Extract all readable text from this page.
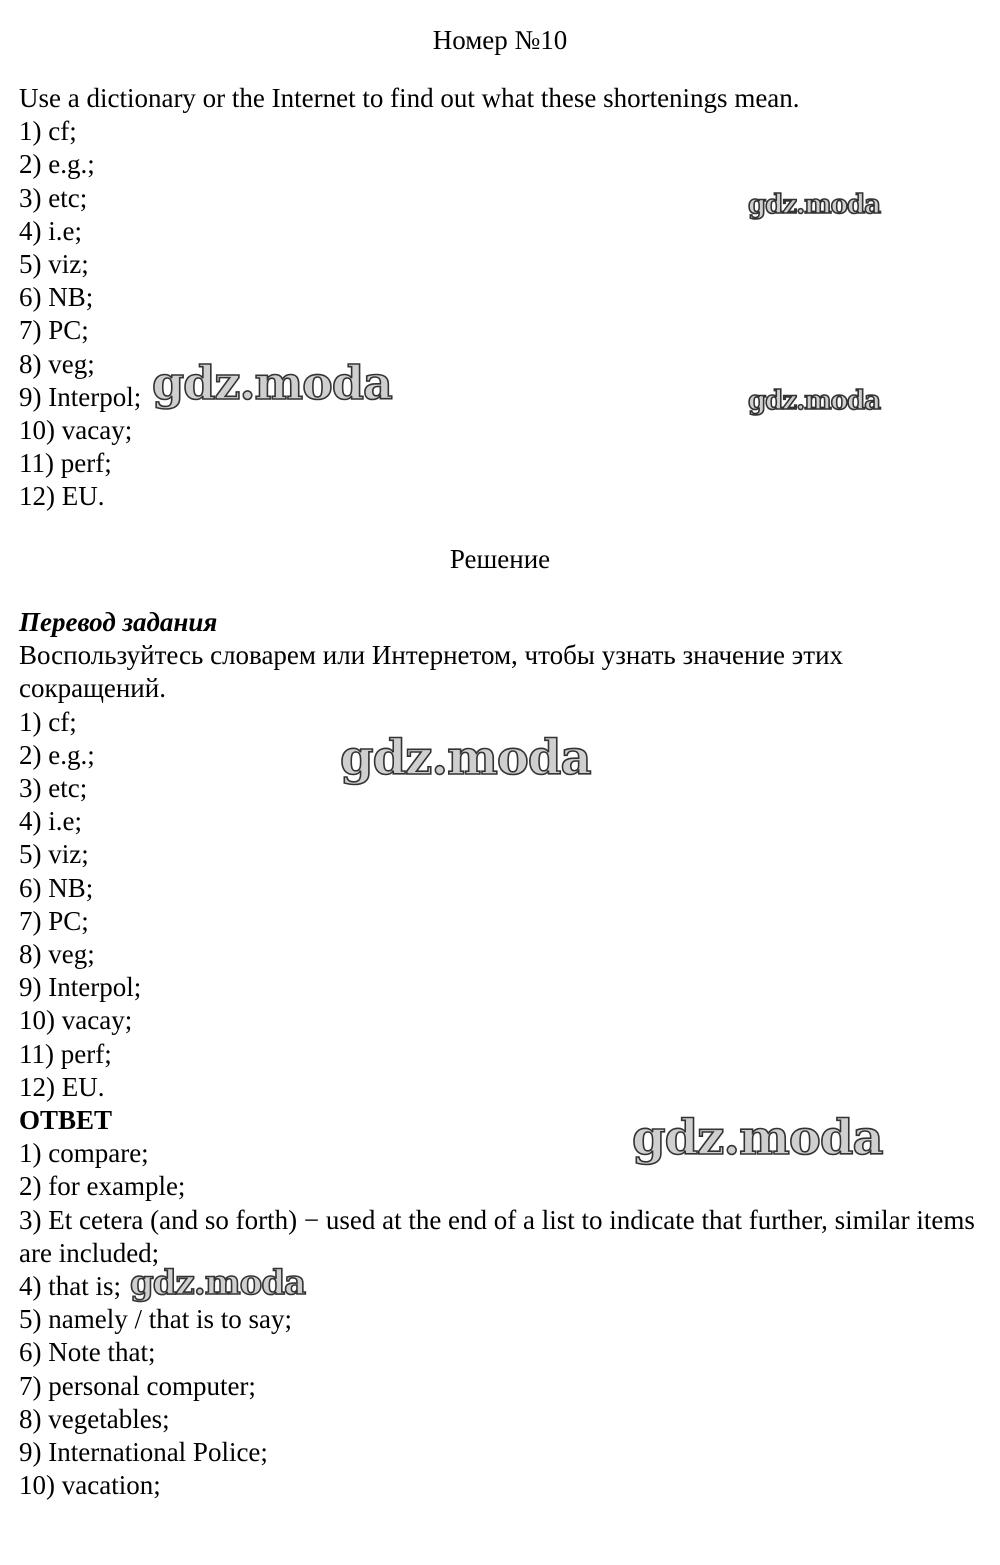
Номер №10
Use a dictionary or the Internet to find out what these shortenings mean.
1) cf;
2) e.g.;
3) etc;
4) i.e;
5) viz;
6) NB;
7) PC;
8) veg;
9) Interpol;
10) vacay;
11) perf;
12) EU.
Решение
Перевод задания
Воспользуйтесь словарем или Интернетом, чтобы узнать значение этих сокращений.
1) cf;
2) e.g.;
3) etc;
4) i.e;
5) viz;
6) NB;
7) PC;
8) veg;
9) Interpol;
10) vacay;
11) perf;
12) EU.
ОТВЕТ
1) compare;
2) for example;
3) Et cetera (and so forth) − used at the end of a list to indicate that further, similar items are included;
4) that is;
5) namely / that is to say;
6) Note that;
7) personal computer;
8) vegetables;
9) International Police;
10) vacation;
gdz.moda
gdz.moda	gdz.moda
gdz.moda
gdz.moda
gdz.moda
